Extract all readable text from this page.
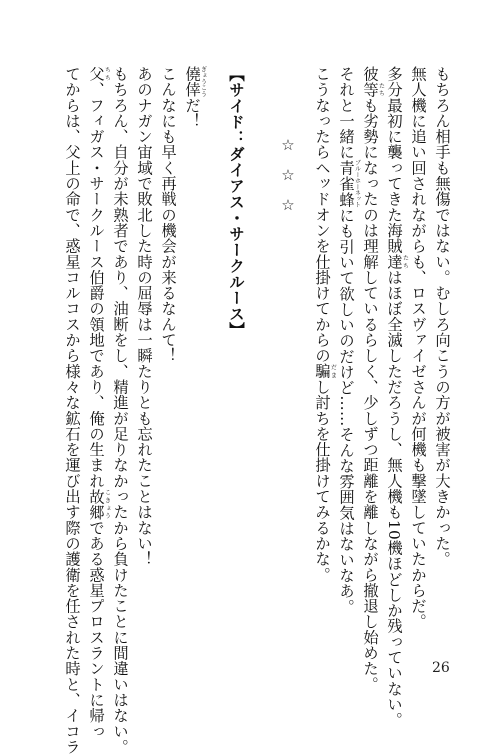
もちろん相手も無傷ではない。むしろ向こうの方が被害が大きかった。
無人機に追い回されながらも、ロスヴァイゼさんが何機も撃墜していたからだ。
多分最初に襲ってきた海賊達たちはほぼ全滅しただろうし、無人機も10機ほどしか残っていない。
彼等たちも劣勢になったのは理解しているらしく、少しずつ距離を離しながら撤退し始めた。
それと一緒に青雀蜂ブルーホーネットにも引いて欲しいのだけど……そんな雰囲気はないなあ。
こうなったらヘッドオンを仕掛けてからの騙だまし討ちを仕掛けてみるかな。
☆☆☆
【サイド：ダイアス・サークルース】
僥倖ぎょうこうだ！
こんなにも早く再戦の機会が来るなんて！
あのナガン宙域で敗北した時の屈辱は一瞬たりとも忘れたことはない！
もちろん、自分が未熟者であり、油断をし、精進が足りなかったから負けたことに間違いはない。
父ちち、フィガス・サークルース伯爵の領地であり、俺の生まれ故郷こきょうである惑星プロスラントに帰っ
てからは、父上の命で、惑星コルコスから様々な鉱石を運び出す際の護衛を任された時と、イコラ	26
